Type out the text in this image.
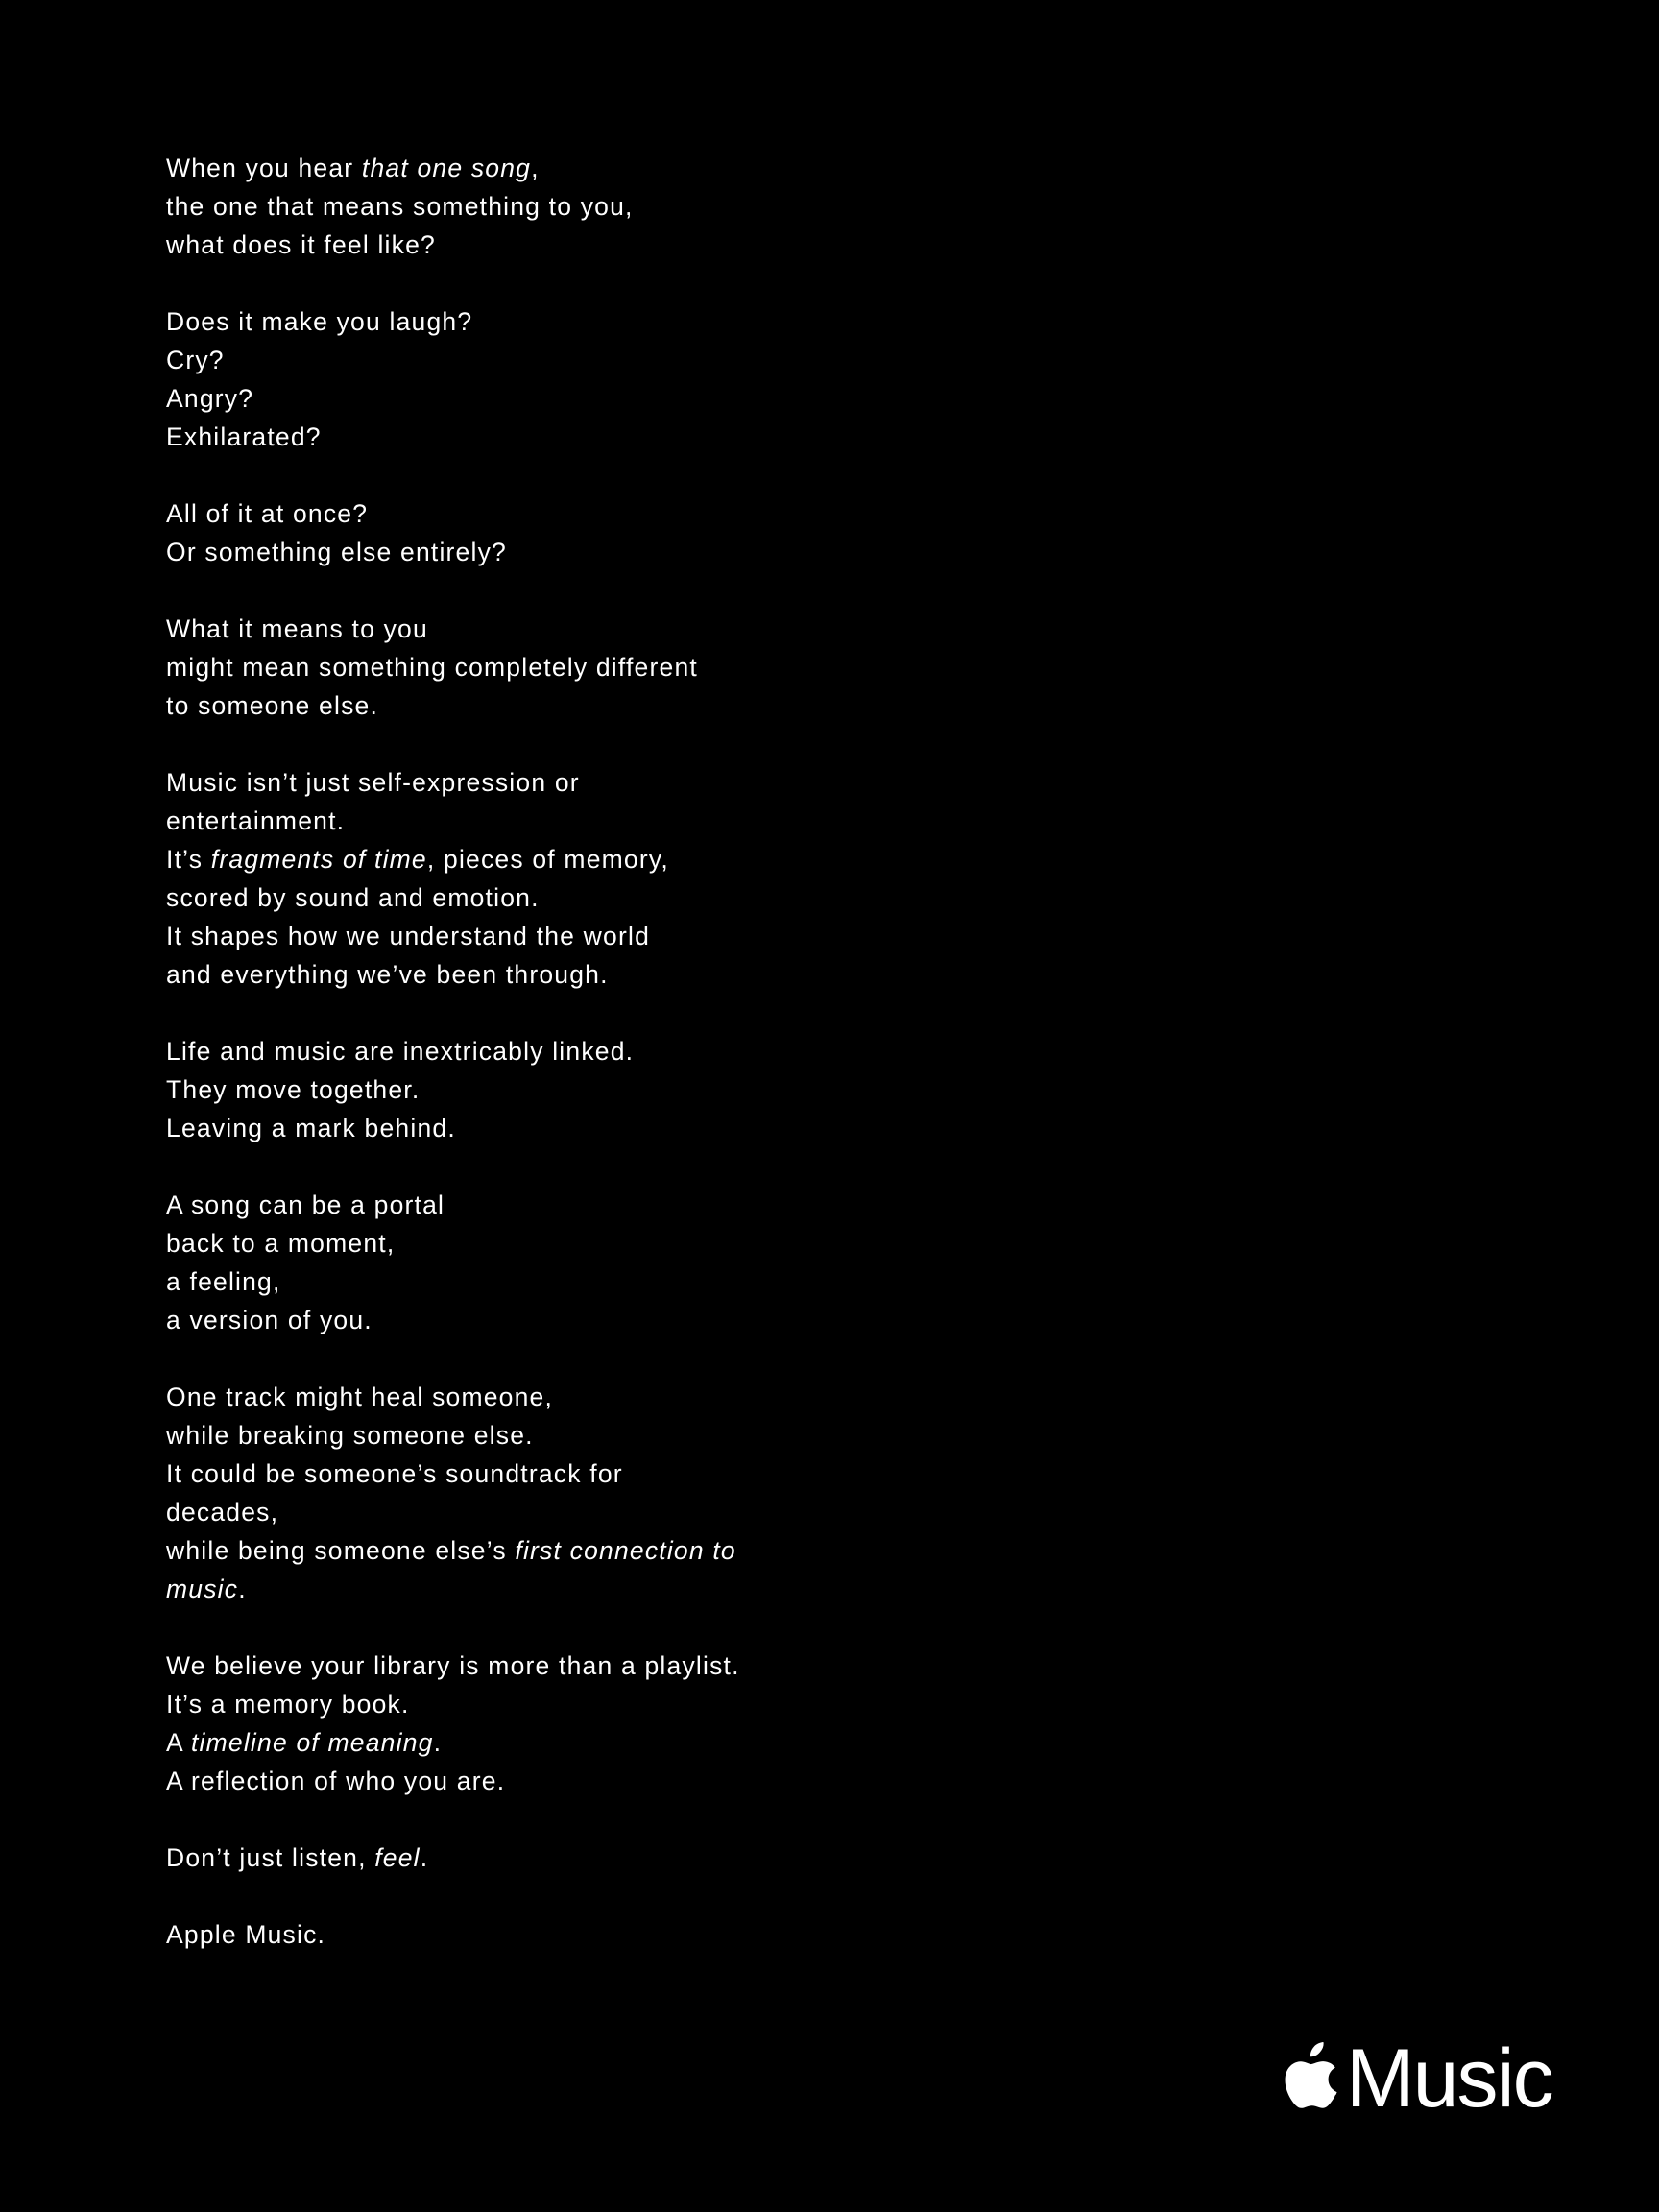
When you hear that one song,
the one that means something to you,
what does it feel like?
Does it make you laugh?
Cry?
Angry?
Exhilarated?
All of it at once?
Or something else entirely?
What it means to you
might mean something completely different
to someone else.
Music isn’t just self-expression or
entertainment.
It’s fragments of time, pieces of memory,
scored by sound and emotion.
It shapes how we understand the world
and everything we’ve been through.
Life and music are inextricably linked.
They move together.
Leaving a mark behind.
A song can be a portal
back to a moment,
a feeling,
a version of you.
One track might heal someone,
while breaking someone else.
It could be someone’s soundtrack for
decades,
while being someone else’s first connection to
music.
We believe your library is more than a playlist.
It’s a memory book.
A timeline of meaning.
A reflection of who you are.
Don’t just listen, feel.
Apple Music.
Music
